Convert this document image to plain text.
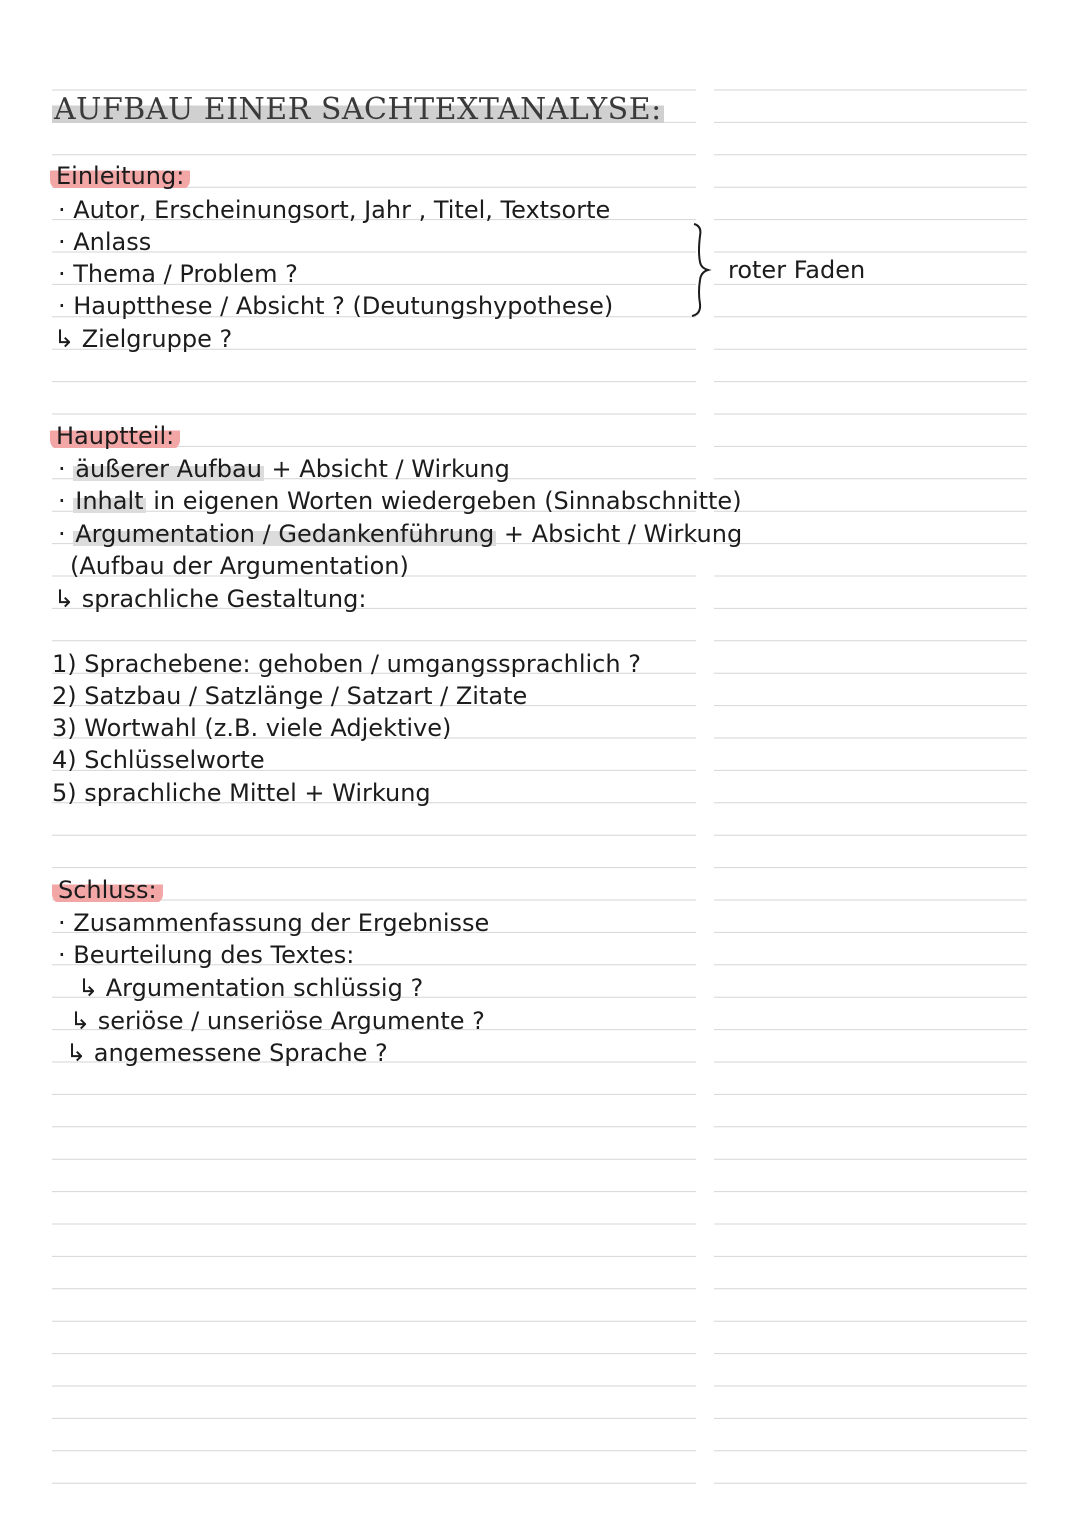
AUFBAU EINER SACHTEXTANALYSE:
Einleitung:
· Autor, Erscheinungsort, Jahr , Titel, Textsorte
· Anlass
· Thema / Problem ?
· Hauptthese / Absicht ? (Deutungshypothese)
↳ Zielgruppe ?
roter Faden
Hauptteil:
· äußerer Aufbau + Absicht / Wirkung
· Inhalt in eigenen Worten wiedergeben (Sinnabschnitte)
· Argumentation / Gedankenführung + Absicht / Wirkung
(Aufbau der Argumentation)
↳ sprachliche Gestaltung:
1) Sprachebene: gehoben / umgangssprachlich ?
2) Satzbau / Satzlänge / Satzart / Zitate
3) Wortwahl (z.B. viele Adjektive)
4) Schlüsselworte
5) sprachliche Mittel + Wirkung
Schluss:
· Zusammenfassung der Ergebnisse
· Beurteilung des Textes:
↳ Argumentation schlüssig ?
↳ seriöse / unseriöse Argumente ?
↳ angemessene Sprache ?
